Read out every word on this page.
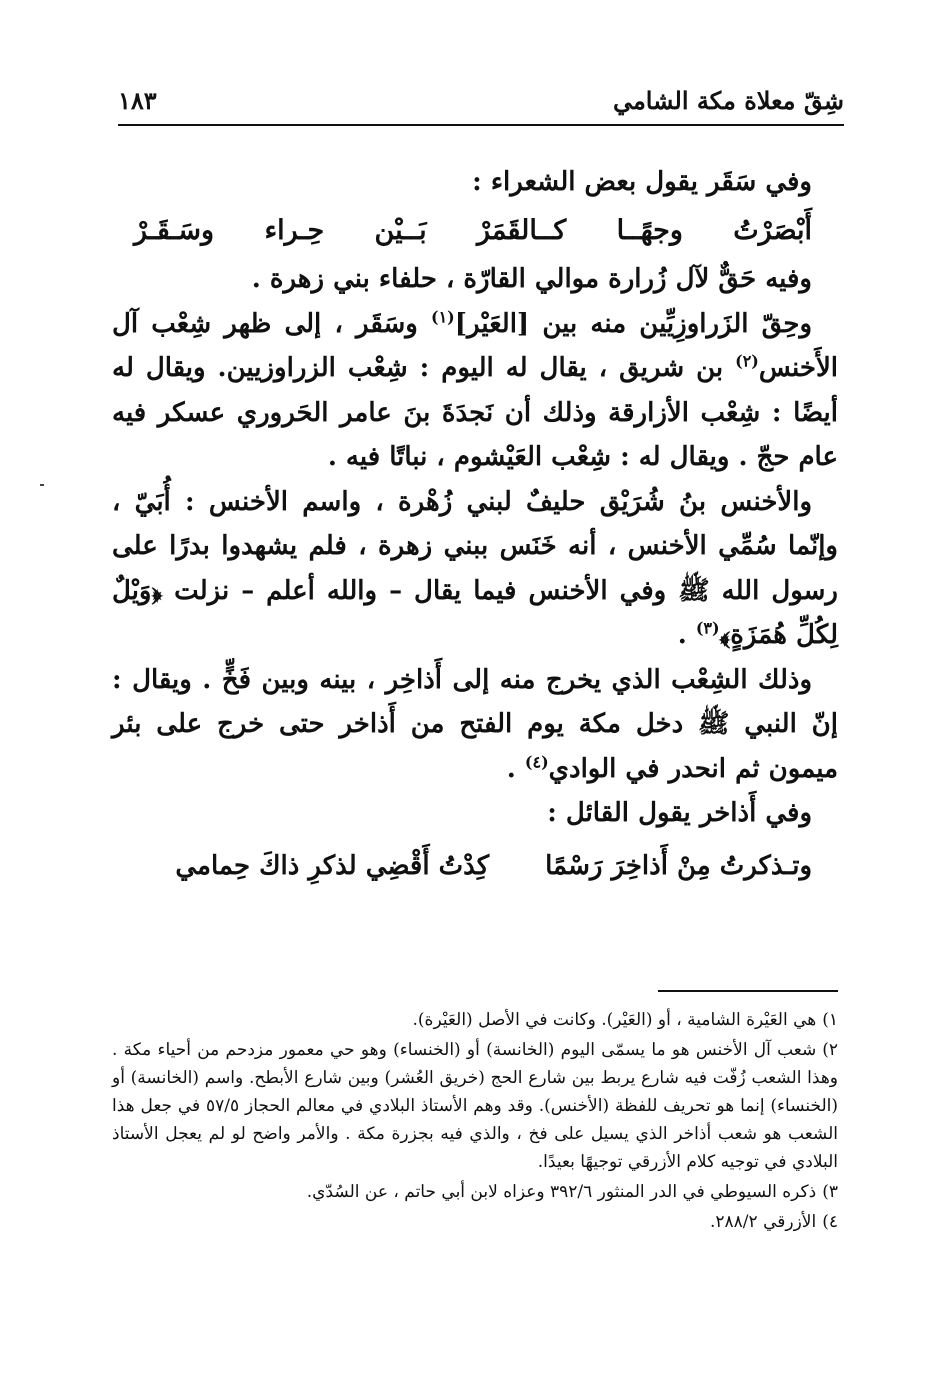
شِقّ معلاة مكة الشامي
١٨٣

وفي سَقَر يقول بعض الشعراء :

أَبْصَرْتُ
وجهًــا
كــالقَمَرْ
بَــيْن
حِـراء
وسَـقَـرْ

وفيه حَقٌّ لآل زُرارة موالي القارّة ، حلفاء بني زهرة .

وحِقّ الزَراوزِيِّين منه بين [العَيْر]$^{(١)}$ وسَقَر ، إلى ظهر شِعْب آل الأَخنس$^{(٢)}$ بن شريق ، يقال له اليوم : شِعْب الزراوزيين. ويقال له أيضًا : شِعْب الأزارقة وذلك أن نَجدَةَ بنَ عامر الحَروري عسكر فيه عام حجّ . ويقال له : شِعْب العَيْشوم ، نباتًا فيه .

والأخنس بنُ شُرَيْق حليفٌ لبني زُهْرة ، واسم الأخنس : أُبَيّ ، وإنّما سُمِّي الأخنس ، أنه خَنَس ببني زهرة ، فلم يشهدوا بدرًا على رسول الله ﷺ وفي الأخنس فيما يقال – والله أعلم – نزلت ﴿وَيْلٌ لِكُلِّ هُمَزَةٍ﴾$^{(٣)}$ .

وذلك الشِعْب الذي يخرج منه إلى أَذاخِر ، بينه وبين فَخٍّ . ويقال : إنّ النبي ﷺ دخل مكة يوم الفتح من أَذاخر حتى خرج على بئر ميمون ثم انحدر في الوادي$^{(٤)}$ .

وفي أَذاخر يقول القائل :

وتـذكرتُ مِنْ أَذاخِرَ رَسْمًا
كِدْتُ أَقْضِي لذكرِ ذاكَ حِمامي

١)هي العَيْرة الشامية ، أو (العَيْر). وكانت في الأصل (العَيْرة).

٢)شعب آل الأخنس هو ما يسمّى اليوم (الخانسة) أو (الخنساء) وهو حي معمور مزدحم من أحياء مكة . وهذا الشعب زُفّت فيه شارع يربط بين شارع الحج (خريق العُشر) وبين شارع الأبطح. واسم (الخانسة) أو (الخنساء) إنما هو تحريف للفظة (الأخنس). وقد وهم الأستاذ البلادي في معالم الحجاز ٥٧/٥ في جعل هذا الشعب هو شعب أذاخر الذي يسيل على فخ ، والذي فيه بجزرة مكة . والأمر واضح لو لم يعجل الأستاذ البلادي في توجيه كلام الأزرقي توجيهًا بعيدًا.

٣)ذكره السيوطي في الدر المنثور ٣٩٢/٦ وعزاه لابن أبي حاتم ، عن السُدّي.

٤)الأزرقي ٢٨٨/٢.
